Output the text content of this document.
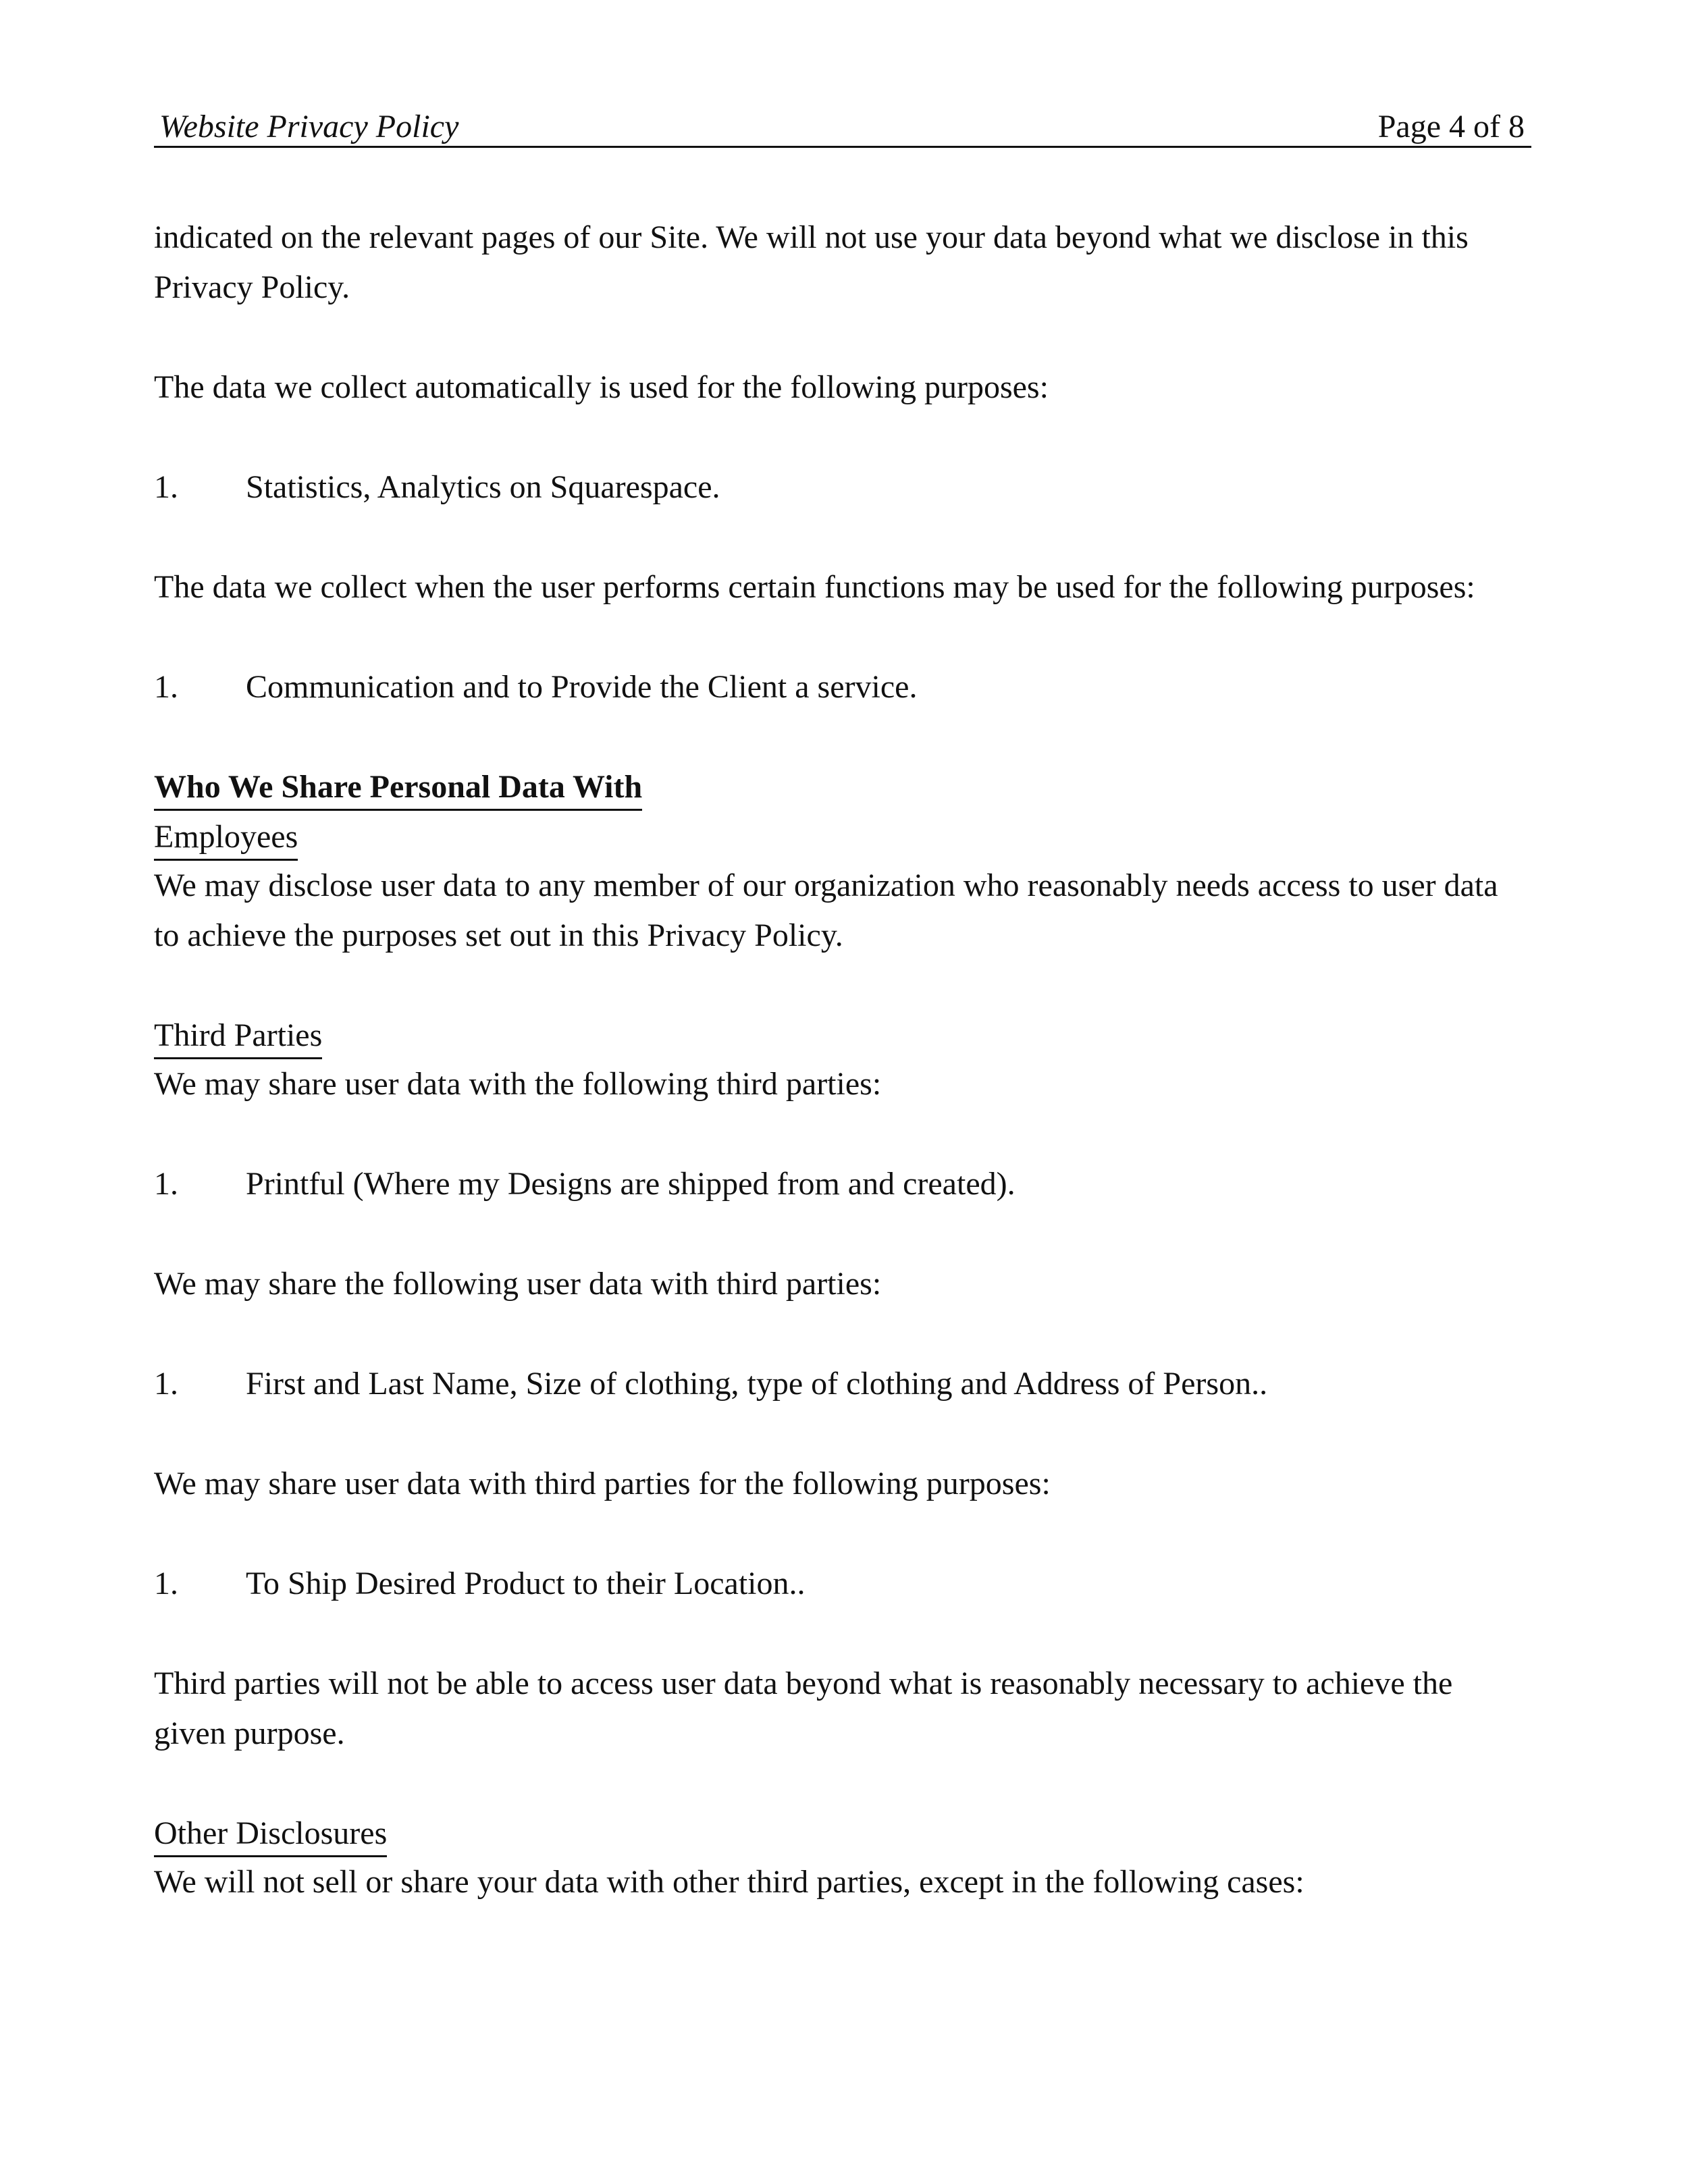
Website Privacy Policy	Page 4 of 8

indicated on the relevant pages of our Site. We will not use your data beyond what we disclose in this
Privacy Policy.

The data we collect automatically is used for the following purposes:

1. Statistics, Analytics on Squarespace.

The data we collect when the user performs certain functions may be used for the following purposes:

1. Communication and to Provide the Client a service.

Who We Share Personal Data With

Employees

We may disclose user data to any member of our organization who reasonably needs access to user data
to achieve the purposes set out in this Privacy Policy.

Third Parties

We may share user data with the following third parties:

1. Printful (Where my Designs are shipped from and created).

We may share the following user data with third parties:

1. First and Last Name, Size of clothing, type of clothing and Address of Person..

We may share user data with third parties for the following purposes:

1. To Ship Desired Product to their Location..

Third parties will not be able to access user data beyond what is reasonably necessary to achieve the
given purpose.

Other Disclosures

We will not sell or share your data with other third parties, except in the following cases:
